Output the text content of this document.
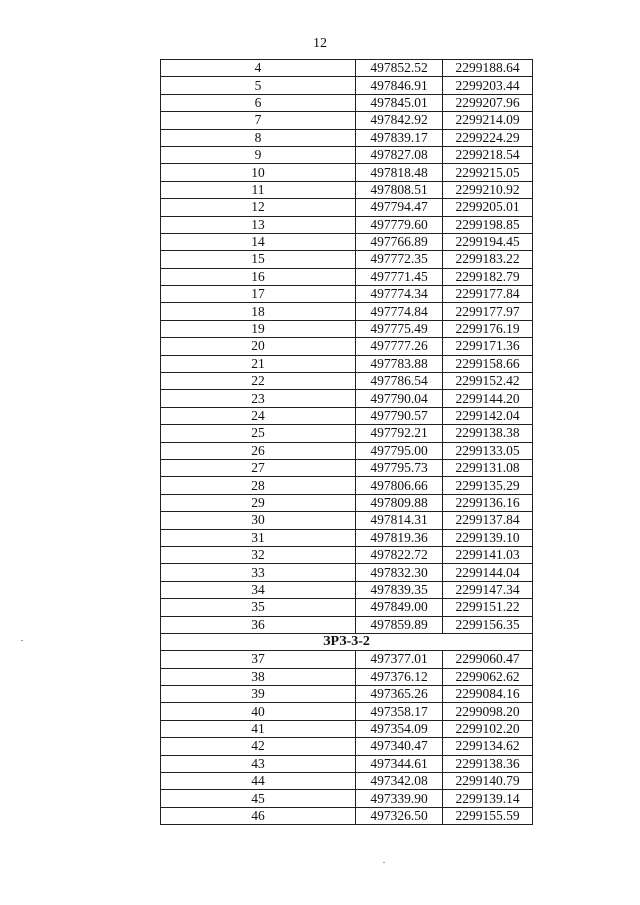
12
4	497852.52	2299188.64
5	497846.91	2299203.44
6	497845.01	2299207.96
7	497842.92	2299214.09
8	497839.17	2299224.29
9	497827.08	2299218.54
10	497818.48	2299215.05
11	497808.51	2299210.92
12	497794.47	2299205.01
13	497779.60	2299198.85
14	497766.89	2299194.45
15	497772.35	2299183.22
16	497771.45	2299182.79
17	497774.34	2299177.84
18	497774.84	2299177.97
19	497775.49	2299176.19
20	497777.26	2299171.36
21	497783.88	2299158.66
22	497786.54	2299152.42
23	497790.04	2299144.20
24	497790.57	2299142.04
25	497792.21	2299138.38
26	497795.00	2299133.05
27	497795.73	2299131.08
28	497806.66	2299135.29
29	497809.88	2299136.16
30	497814.31	2299137.84
31	497819.36	2299139.10
32	497822.72	2299141.03
33	497832.30	2299144.04
34	497839.35	2299147.34
35	497849.00	2299151.22
36	497859.89	2299156.35
ЗРЗ-3-2		
37	497377.01	2299060.47
38	497376.12	2299062.62
39	497365.26	2299084.16
40	497358.17	2299098.20
41	497354.09	2299102.20
42	497340.47	2299134.62
43	497344.61	2299138.36
44	497342.08	2299140.79
45	497339.90	2299139.14
46	497326.50	2299155.59
